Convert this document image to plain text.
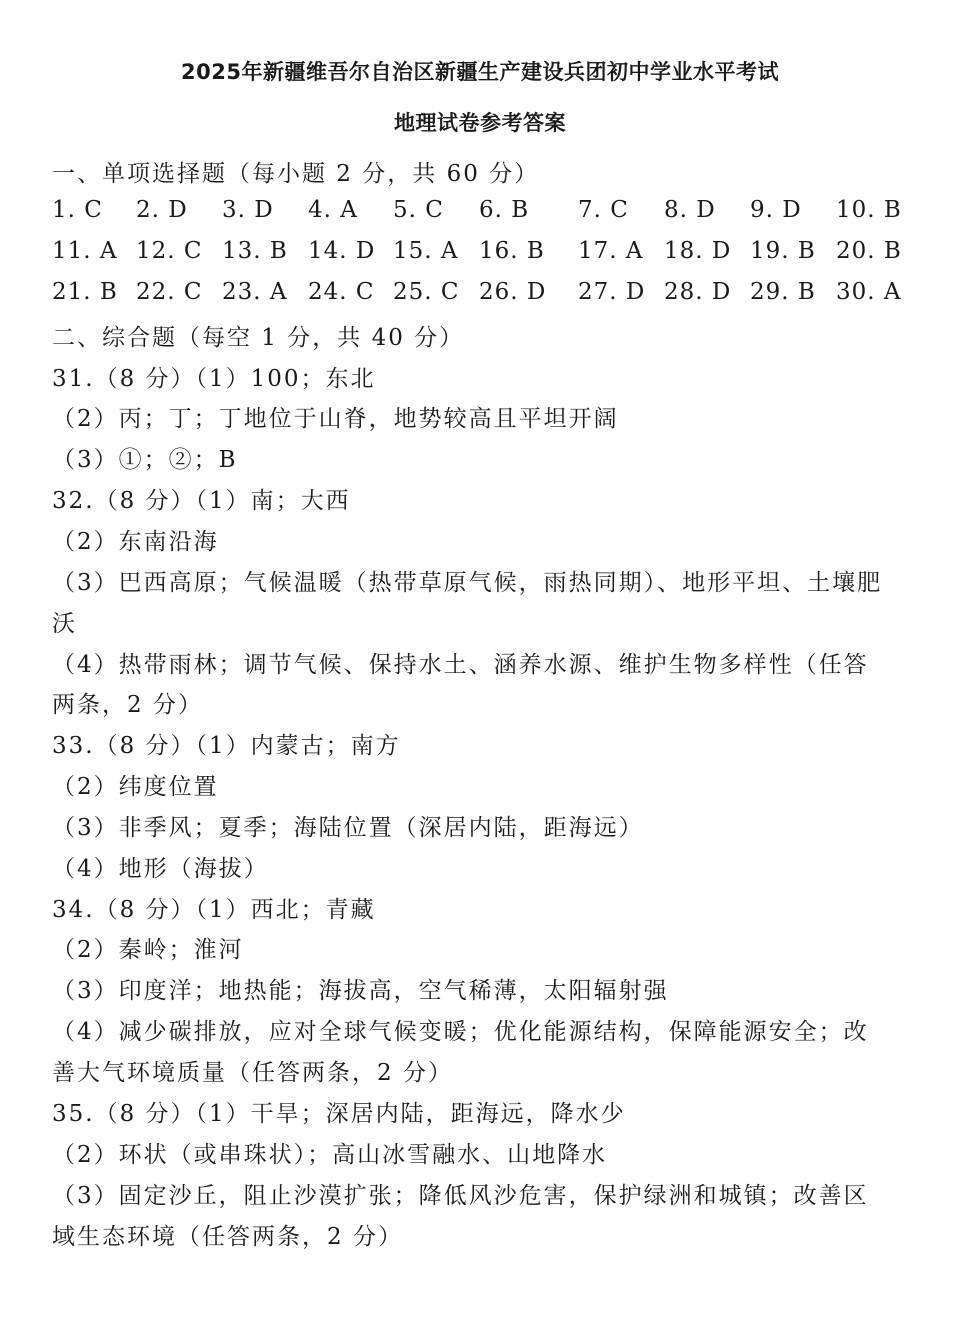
2025年新疆维吾尔自治区新疆生产建设兵团初中学业水平考试
地理试卷参考答案
一、单项选择题（每小题 2 分，共 60 分）
1. C 2. D 3. D 4. A 5. C 6. B 7. C 8. D 9. D 10. B
11. A 12. C 13. B 14. D 15. A 16. B 17. A 18. D 19. B 20. B
21. B 22. C 23. A 24. C 25. C 26. D 27. D 28. D 29. B 30. A
二、综合题（每空 1 分，共 40 分）
31.（8 分）（1）100；东北
（2）丙；丁；丁地位于山脊，地势较高且平坦开阔
（3）①；②；B
32.（8 分）（1）南；大西
（2）东南沿海
（3）巴西高原；气候温暖（热带草原气候，雨热同期）、地形平坦、土壤肥
沃
（4）热带雨林；调节气候、保持水土、涵养水源、维护生物多样性（任答
两条，2 分）
33.（8 分）（1）内蒙古；南方
（2）纬度位置
（3）非季风；夏季；海陆位置（深居内陆，距海远）
（4）地形（海拔）
34.（8 分）（1）西北；青藏
（2）秦岭；淮河
（3）印度洋；地热能；海拔高，空气稀薄，太阳辐射强
（4）减少碳排放，应对全球气候变暖；优化能源结构，保障能源安全；改
善大气环境质量（任答两条，2 分）
35.（8 分）（1）干旱；深居内陆，距海远，降水少
（2）环状（或串珠状）；高山冰雪融水、山地降水
（3）固定沙丘，阻止沙漠扩张；降低风沙危害，保护绿洲和城镇；改善区
域生态环境（任答两条，2 分）
